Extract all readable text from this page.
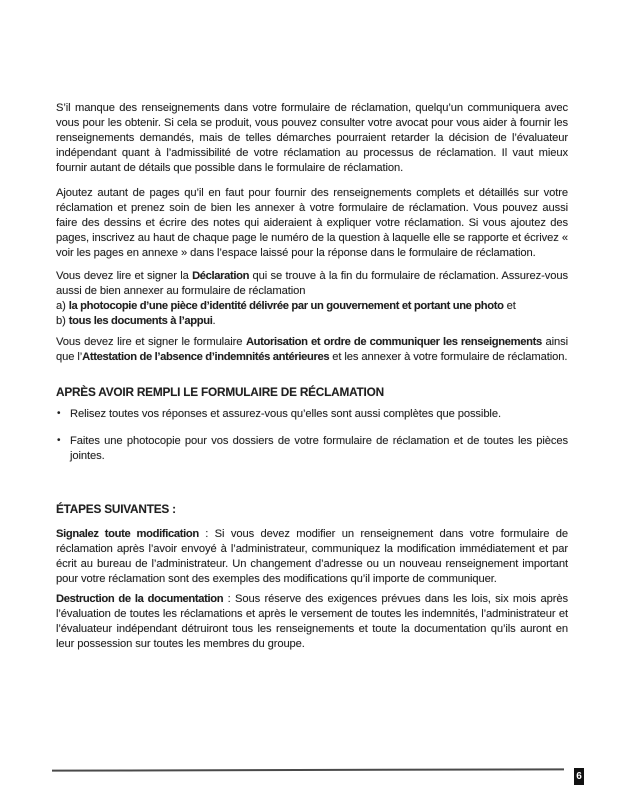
S’il manque des renseignements dans votre formulaire de réclamation, quelqu’un communiquera avec vous pour les obtenir. Si cela se produit, vous pouvez consulter votre avocat pour vous aider à fournir les renseignements demandés, mais de telles démarches pourraient retarder la décision de l’évaluateur indépendant quant à l’admissibilité de votre réclamation au processus de réclamation. Il vaut mieux fournir autant de détails que possible dans le formulaire de réclamation.

Ajoutez autant de pages qu’il en faut pour fournir des renseignements complets et détaillés sur votre réclamation et prenez soin de bien les annexer à votre formulaire de réclamation. Vous pouvez aussi faire des dessins et écrire des notes qui aideraient à expliquer votre réclamation. Si vous ajoutez des pages, inscrivez au haut de chaque page le numéro de la question à laquelle elle se rapporte et écrivez « voir les pages en annexe » dans l’espace laissé pour la réponse dans le formulaire de réclamation.

Vous devez lire et signer la Déclaration qui se trouve à la fin du formulaire de réclamation. Assurez-vous aussi de bien annexer au formulaire de réclamation
a) la photocopie d’une pièce d’identité délivrée par un gouvernement et portant une photo et
b) tous les documents à l’appui.

Vous devez lire et signer le formulaire Autorisation et ordre de communiquer les renseignements ainsi que l’Attestation de l’absence d’indemnités antérieures et les annexer à votre formulaire de réclamation.

APRÈS AVOIR REMPLI LE FORMULAIRE DE RÉCLAMATION
• Relisez toutes vos réponses et assurez-vous qu’elles sont aussi complètes que possible.
• Faites une photocopie pour vos dossiers de votre formulaire de réclamation et de toutes les pièces jointes.
ÉTAPES SUIVANTES :

Signalez toute modification : Si vous devez modifier un renseignement dans votre formulaire de réclamation après l’avoir envoyé à l’administrateur, communiquez la modification immédiatement et par écrit au bureau de l’administrateur. Un changement d’adresse ou un nouveau renseignement important pour votre réclamation sont des exemples des modifications qu’il importe de communiquer.

Destruction de la documentation : Sous réserve des exigences prévues dans les lois, six mois après l’évaluation de toutes les réclamations et après le versement de toutes les indemnités, l’administrateur et l’évaluateur indépendant détruiront tous les renseignements et toute la documentation qu’ils auront en leur possession sur toutes les membres du groupe.

6
